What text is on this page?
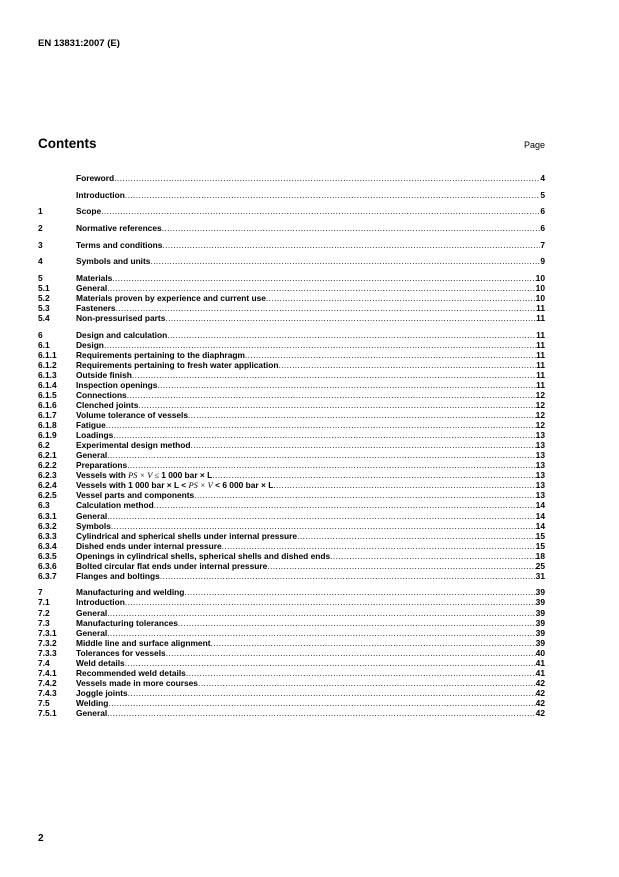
EN 13831:2007 (E)
Contents	Page
Foreword .....	4
Introduction .....	5
1	Scope .....	6
2	Normative references .....	6
3	Terms and conditions .....	7
4	Symbols and units .....	9
5	Materials .....	10
5.1	General .....	10
5.2	Materials proven by experience and current use .....	10
5.3	Fasteners .....	11
5.4	Non-pressurised parts .....	11
6	Design and calculation .....	11
6.1	Design .....	11
6.1.1	Requirements pertaining to the diaphragm .....	11
6.1.2	Requirements pertaining to fresh water application .....	11
6.1.3	Outside finish .....	11
6.1.4	Inspection openings .....	11
6.1.5	Connections .....	12
6.1.6	Clenched joints .....	12
6.1.7	Volume tolerance of vessels .....	12
6.1.8	Fatigue .....	12
6.1.9	Loadings .....	13
6.2	Experimental design method .....	13
6.2.1	General .....	13
6.2.2	Preparations .....	13
6.2.3	Vessels with PS × V ≤ 1 000 bar × L .....	13
6.2.4	Vessels with 1 000 bar × L < PS × V < 6 000 bar × L .....	13
6.2.5	Vessel parts and components .....	13
6.3	Calculation method .....	14
6.3.1	General .....	14
6.3.2	Symbols .....	14
6.3.3	Cylindrical and spherical shells under internal pressure .....	15
6.3.4	Dished ends under internal pressure .....	15
6.3.5	Openings in cylindrical shells, spherical shells and dished ends .....	18
6.3.6	Bolted circular flat ends under internal pressure .....	25
6.3.7	Flanges and boltings .....	31
7	Manufacturing and welding .....	39
7.1	Introduction .....	39
7.2	General .....	39
7.3	Manufacturing tolerances .....	39
7.3.1	General .....	39
7.3.2	Middle line and surface alignment .....	39
7.3.3	Tolerances for vessels .....	40
7.4	Weld details .....	41
7.4.1	Recommended weld details .....	41
7.4.2	Vessels made in more courses .....	42
7.4.3	Joggle joints .....	42
7.5	Welding .....	42
7.5.1	General .....	42
2
